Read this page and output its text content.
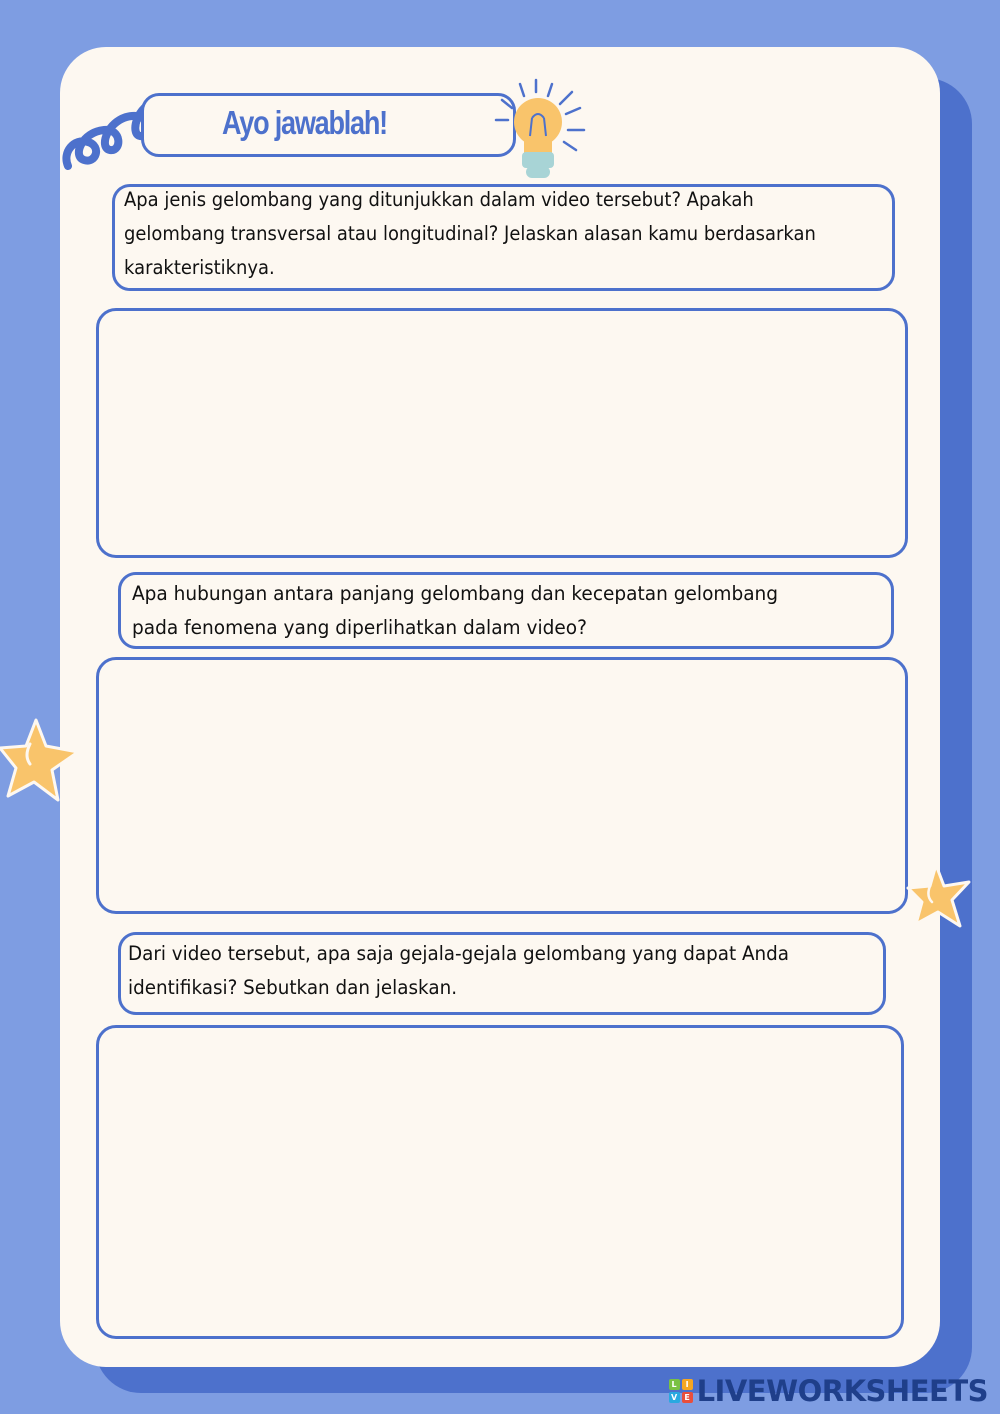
Ayo jawablah!
Apa jenis gelombang yang ditunjukkan dalam video tersebut? Apakah
gelombang transversal atau longitudinal? Jelaskan alasan kamu berdasarkan
karakteristiknya.
Apa hubungan antara panjang gelombang dan kecepatan gelombang
pada fenomena yang diperlihatkan dalam video?
Dari video tersebut, apa saja gejala-gejala gelombang yang dapat Anda
identifikasi? Sebutkan dan jelaskan.
L	I
V E LIVEWORKSHEETS
